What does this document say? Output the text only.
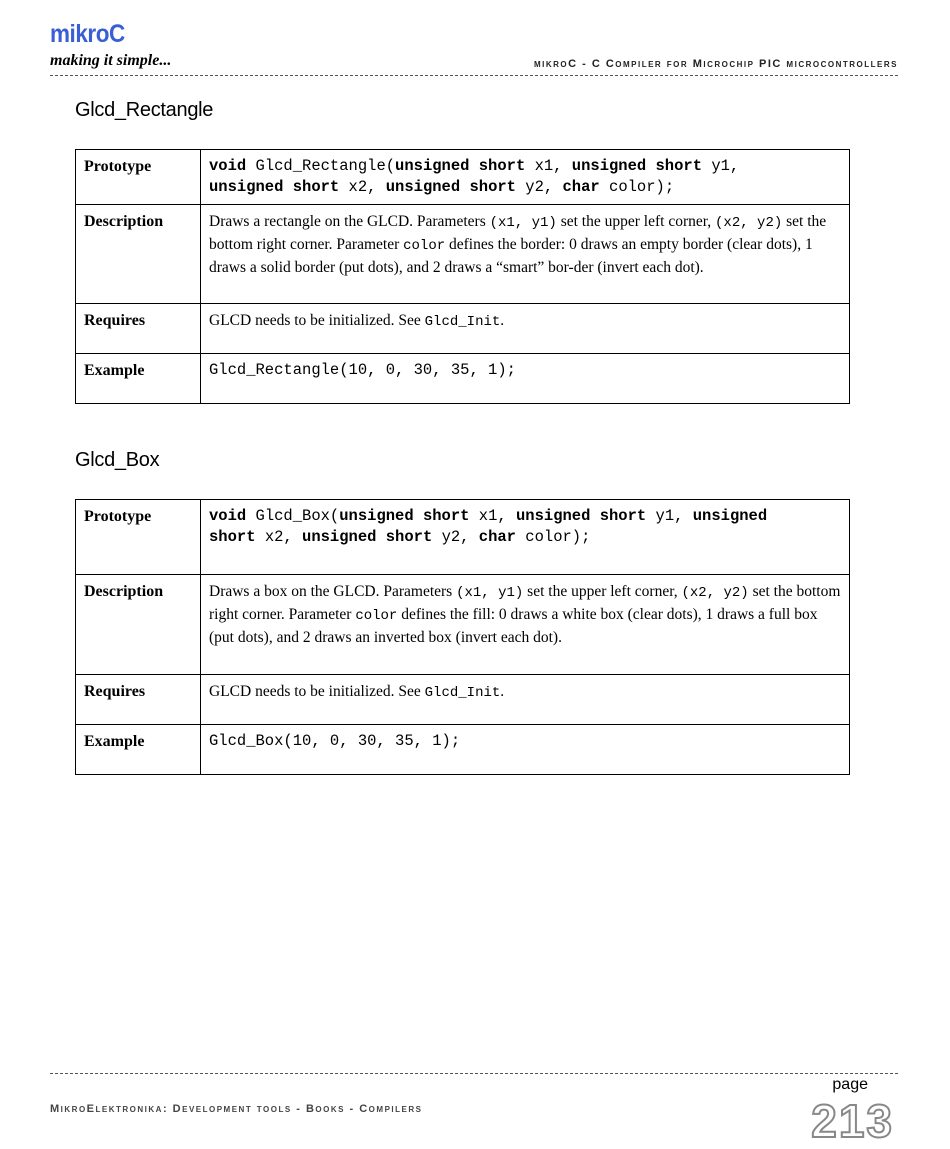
mikroC
making it simple...	mikroC - C Compiler for Microchip PIC microcontrollers
Glcd_Rectangle
Prototype	void Glcd_Rectangle(unsigned short x1, unsigned short y1,
unsigned short x2, unsigned short y2, char color);
Description	Draws a rectangle on the GLCD. Parameters (x1, y1) set the upper left corner, (x2, y2) set the bottom right corner. Parameter color defines the border: 0 draws an empty border (clear dots), 1 draws a solid border (put dots), and 2 draws a “smart” bor-der (invert each dot).
Requires	GLCD needs to be initialized. See Glcd_Init.
Example	Glcd_Rectangle(10, 0, 30, 35, 1);
Glcd_Box
Prototype	void Glcd_Box(unsigned short x1, unsigned short y1, unsigned
short x2, unsigned short y2, char color);
Description	Draws a box on the GLCD. Parameters (x1, y1) set the upper left corner, (x2, y2) set the bottom right corner. Parameter color defines the fill: 0 draws a white box (clear dots), 1 draws a full box (put dots), and 2 draws an inverted box (invert each dot).
Requires	GLCD needs to be initialized. See Glcd_Init.
Example	Glcd_Box(10, 0, 30, 35, 1);
MikroElektronika: Development tools - Books - Compilers
page
213
